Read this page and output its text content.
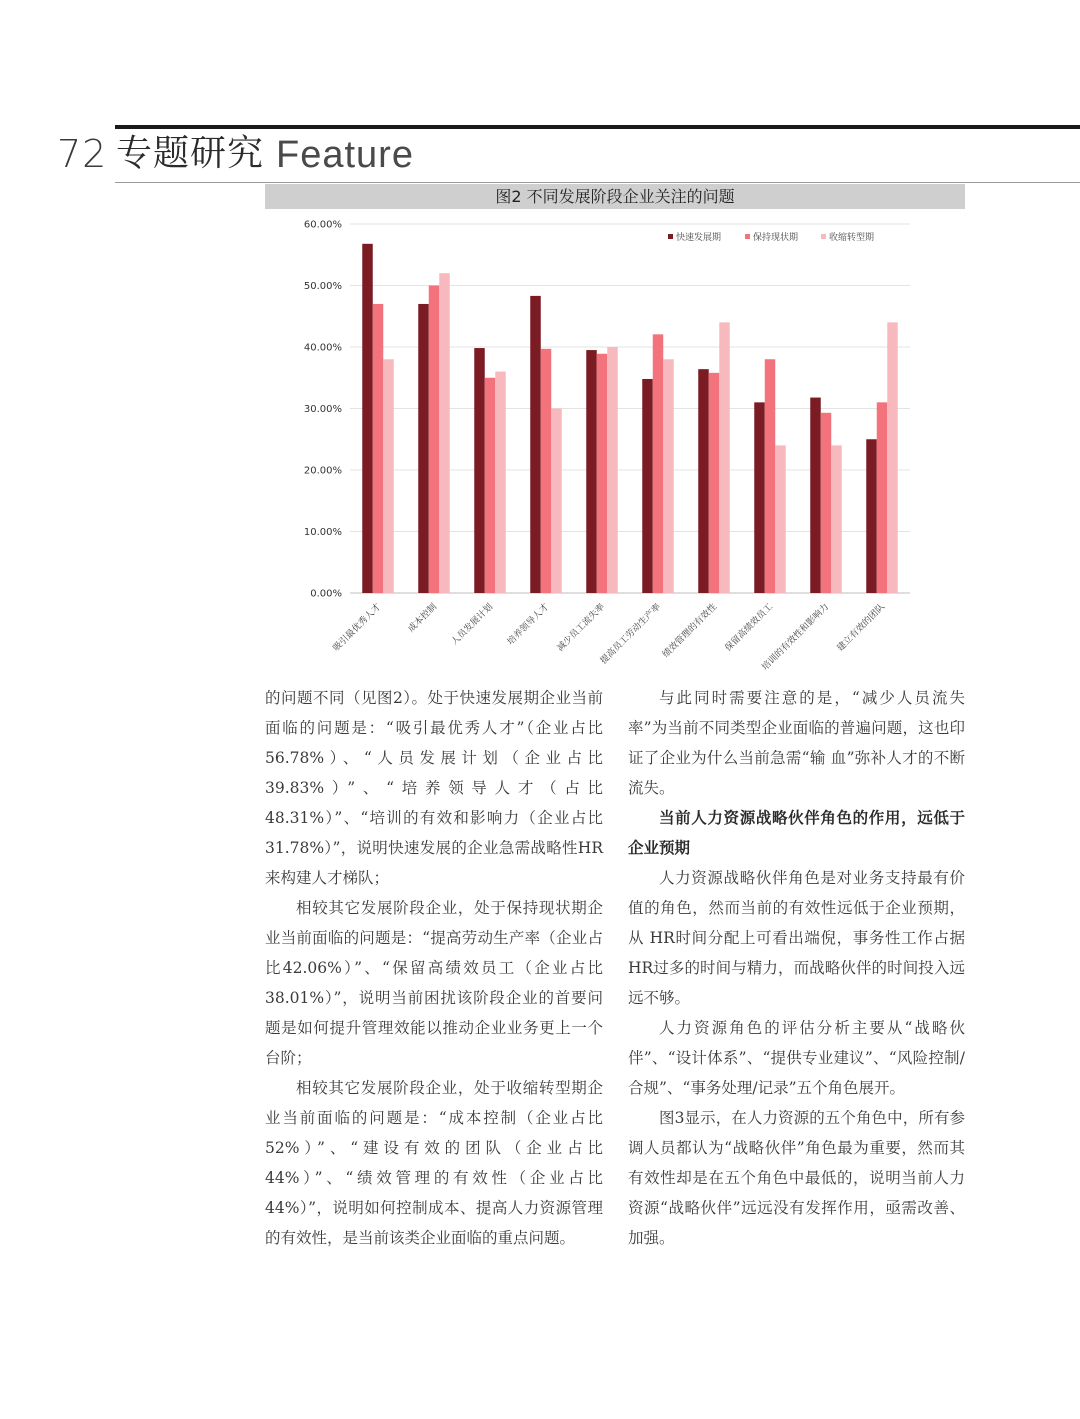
72 专题研究 Feature
图2 不同发展阶段企业关注的问题
0.00%
10.00%
20.00%
30.00%
40.00%
50.00%
60.00%
吸引最优秀人才	成本控制 人员发展计划 培养领导人才 减少员工流失率
提高员工劳动生产率
绩效管理的有效性 保留高绩效员工
培训的有效性和影响力 建立有效的团队
快速发展期	保持现状期	收缩转型期

的问题不同（见图2）。处于快速发展期企业当前面临的问题是：“吸引最优秀人才”（企业占比56.78%）、“人员发展计划（企业占比39.83%）”、“培养领导人才（占比48.31%）”、“培训的有效和影响力（企业占比31.78%）”，说明快速发展的企业急需战略性HR来构建人才梯队；

相较其它发展阶段企业，处于保持现状期企业当前面临的问题是：“提高劳动生产率（企业占比42.06%）”、“保留高绩效员工（企业占比38.01%）”，说明当前困扰该阶段企业的首要问题是如何提升管理效能以推动企业业务更上一个台阶；

相较其它发展阶段企业，处于收缩转型期企业当前面临的问题是：“成本控制（企业占比52%）”、“建设有效的团队（企业占比44%）”、“绩效管理的有效性（企业占比44%）”，说明如何控制成本、提高人力资源管理的有效性，是当前该类企业面临的重点问题。

与此同时需要注意的是，“减少人员流失率”为当前不同类型企业面临的普遍问题，这也印证了企业为什么当前急需“输 血”弥补人才的不断流失。

当前人力资源战略伙伴角色的作用，远低于企业预期

人力资源战略伙伴角色是对业务支持最有价值的角色，然而当前的有效性远低于企业预期，从 HR时间分配上可看出端倪，事务性工作占据HR过多的时间与精力，而战略伙伴的时间投入远远不够。

人力资源角色的评估分析主要从“战略伙伴”、“设计体系”、“提供专业建议”、“风险控制/合规”、“事务处理/记录”五个角色展开。

图3显示，在人力资源的五个角色中，所有参调人员都认为“战略伙伴”角色最为重要，然而其有效性却是在五个角色中最低的，说明当前人力资源“战略伙伴”远远没有发挥作用，亟需改善、加强。
